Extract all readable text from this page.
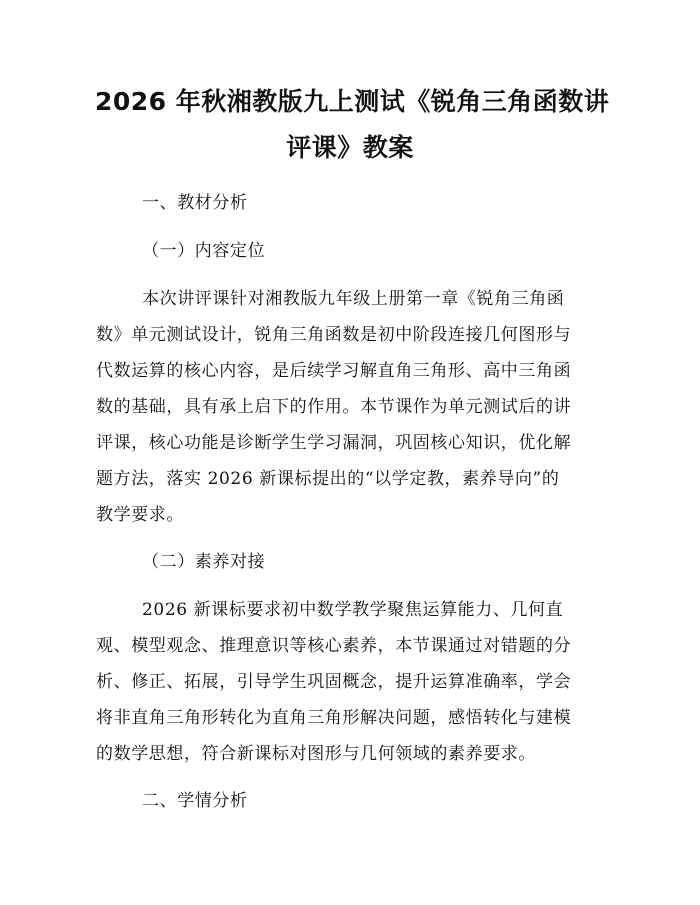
2026 年秋湘教版九上测试《锐角三角函数讲
评课》教案
一、教材分析
（一）内容定位
本次讲评课针对湘教版九年级上册第一章《锐角三角函
数》单元测试设计，锐角三角函数是初中阶段连接几何图形与
代数运算的核心内容，是后续学习解直角三角形、高中三角函
数的基础，具有承上启下的作用。本节课作为单元测试后的讲
评课，核心功能是诊断学生学习漏洞，巩固核心知识，优化解
题方法，落实 2026 新课标提出的“以学定教，素养导向”的
教学要求。
（二）素养对接
2026 新课标要求初中数学教学聚焦运算能力、几何直
观、模型观念、推理意识等核心素养，本节课通过对错题的分
析、修正、拓展，引导学生巩固概念，提升运算准确率，学会
将非直角三角形转化为直角三角形解决问题，感悟转化与建模
的数学思想，符合新课标对图形与几何领域的素养要求。
二、学情分析
